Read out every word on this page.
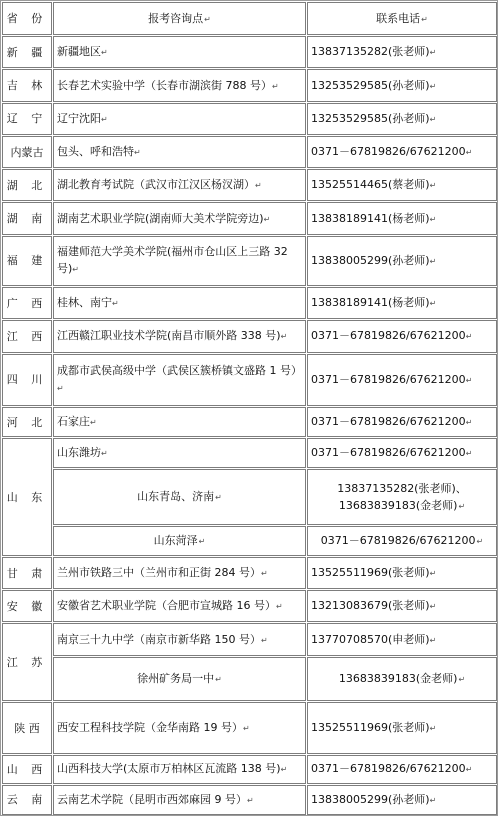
省 份	报考咨询点↵	联系电话↵
新 疆	新疆地区↵	13837135282(张老师)↵
吉 林	长春艺术实验中学（长春市湖滨街 788 号）↵	13253529585(孙老师)↵
辽 宁	辽宁沈阳↵	13253529585(孙老师)↵
内蒙古	包头、呼和浩特↵	0371－67819826/67621200↵
湖 北	湖北教育考试院（武汉市江汉区杨汊湖）↵	13525514465(蔡老师)↵
湖 南	湖南艺术职业学院(湖南师大美术学院旁边)↵	13838189141(杨老师)↵
福 建	福建师范大学美术学院(福州市仓山区上三路 32号)↵	13838005299(孙老师)↵
广 西	桂林、南宁↵	13838189141(杨老师)↵
江 西	江西赣江职业技术学院(南昌市顺外路 338 号)↵	0371－67819826/67621200↵
四 川	成都市武侯高级中学（武侯区簇桥镇文盛路 1 号）↵	0371－67819826/67621200↵
河 北	石家庄↵	0371－67819826/67621200↵
山 东	山东潍坊↵	0371－67819826/67621200↵
	山东青岛、济南↵	13837135282(张老师)、13683839183(金老师)↵
	山东菏泽↵	0371－67819826/67621200↵
甘 肃	兰州市铁路三中（兰州市和正街 284 号）↵	13525511969(张老师)↵
安 徽	安徽省艺术职业学院（合肥市宣城路 16 号）↵	13213083679(张老师)↵
江 苏	南京三十九中学（南京市新华路 150 号）↵	13770708570(申老师)↵
	徐州矿务局一中↵	13683839183(金老师)↵
陕 西	西安工程科技学院（金华南路 19 号）↵	13525511969(张老师)↵
山 西	山西科技大学(太原市万柏林区瓦流路 138 号)↵	0371－67819826/67621200↵
云 南	云南艺术学院（昆明市西郊麻园 9 号）↵	13838005299(孙老师)↵
